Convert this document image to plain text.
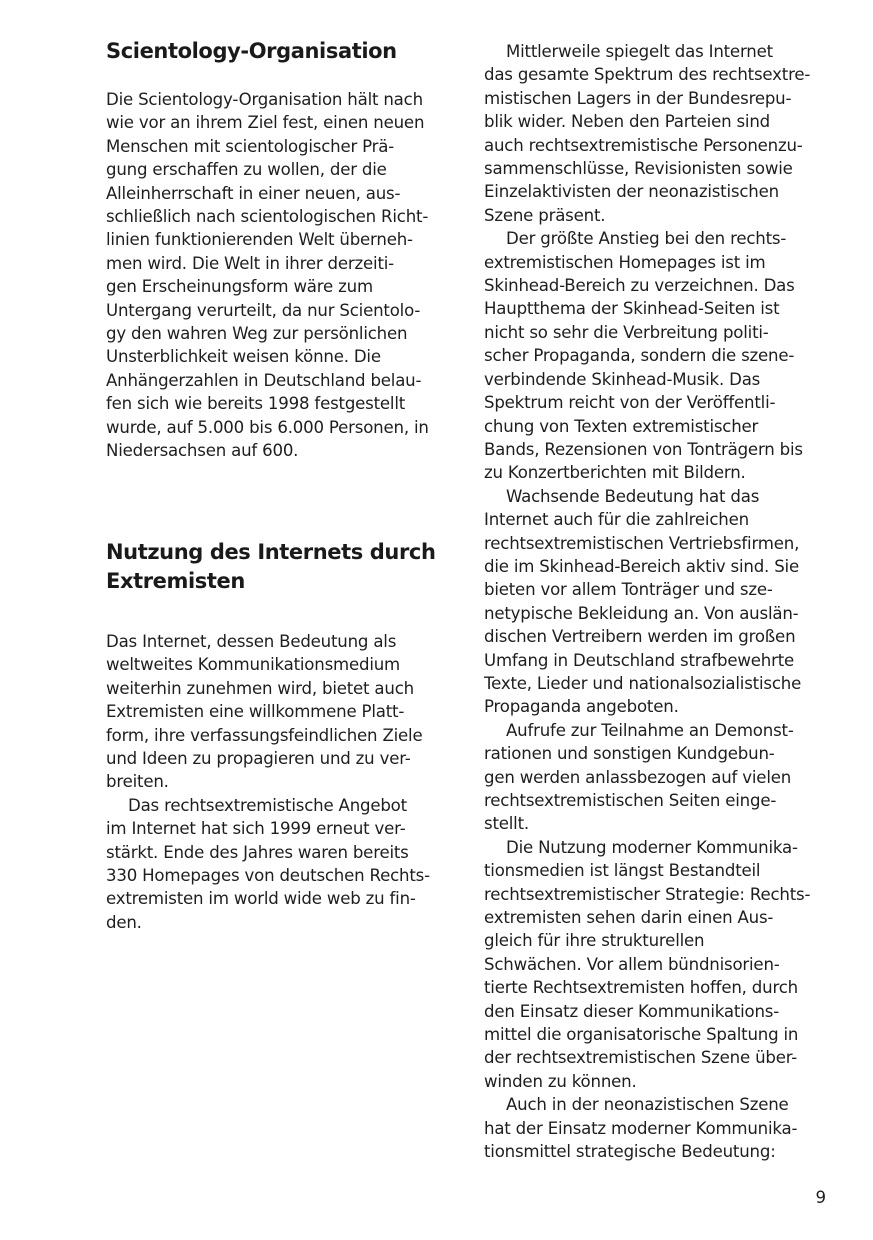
Scientology-Organisation
Die Scientology-Organisation hält nach
wie vor an ihrem Ziel fest, einen neuen
Menschen mit scientologischer Prä-
gung erschaffen zu wollen, der die
Alleinherrschaft in einer neuen, aus-
schließlich nach scientologischen Richt-
linien funktionierenden Welt überneh-
men wird. Die Welt in ihrer derzeiti-
gen Erscheinungsform wäre zum
Untergang verurteilt, da nur Scientolo-
gy den wahren Weg zur persönlichen
Unsterblichkeit weisen könne. Die
Anhängerzahlen in Deutschland belau-
fen sich wie bereits 1998 festgestellt
wurde, auf 5.000 bis 6.000 Personen, in
Niedersachsen auf 600.
Nutzung des Internets durch
Extremisten
Das Internet, dessen Bedeutung als
weltweites Kommunikationsmedium
weiterhin zunehmen wird, bietet auch
Extremisten eine willkommene Platt-
form, ihre verfassungsfeindlichen Ziele
und Ideen zu propagieren und zu ver-
breiten.
Das rechtsextremistische Angebot
im Internet hat sich 1999 erneut ver-
stärkt. Ende des Jahres waren bereits
330 Homepages von deutschen Rechts-
extremisten im world wide web zu fin-
den.
Mittlerweile spiegelt das Internet
das gesamte Spektrum des rechtsextre-
mistischen Lagers in der Bundesrepu-
blik wider. Neben den Parteien sind
auch rechtsextremistische Personenzu-
sammenschlüsse, Revisionisten sowie
Einzelaktivisten der neonazistischen
Szene präsent.
Der größte Anstieg bei den rechts-
extremistischen Homepages ist im
Skinhead-Bereich zu verzeichnen. Das
Hauptthema der Skinhead-Seiten ist
nicht so sehr die Verbreitung politi-
scher Propaganda, sondern die szene-
verbindende Skinhead-Musik. Das
Spektrum reicht von der Veröffentli-
chung von Texten extremistischer
Bands, Rezensionen von Tonträgern bis
zu Konzertberichten mit Bildern.
Wachsende Bedeutung hat das
Internet auch für die zahlreichen
rechtsextremistischen Vertriebsfirmen,
die im Skinhead-Bereich aktiv sind. Sie
bieten vor allem Tonträger und sze-
netypische Bekleidung an. Von auslän-
dischen Vertreibern werden im großen
Umfang in Deutschland strafbewehrte
Texte, Lieder und nationalsozialistische
Propaganda angeboten.
Aufrufe zur Teilnahme an Demonst-
rationen und sonstigen Kundgebun-
gen werden anlassbezogen auf vielen
rechtsextremistischen Seiten einge-
stellt.
Die Nutzung moderner Kommunika-
tionsmedien ist längst Bestandteil
rechtsextremistischer Strategie: Rechts-
extremisten sehen darin einen Aus-
gleich für ihre strukturellen
Schwächen. Vor allem bündnisorien-
tierte Rechtsextremisten hoffen, durch
den Einsatz dieser Kommunikations-
mittel die organisatorische Spaltung in
der rechtsextremistischen Szene über-
winden zu können.
Auch in der neonazistischen Szene
hat der Einsatz moderner Kommunika-
tionsmittel strategische Bedeutung:
9
